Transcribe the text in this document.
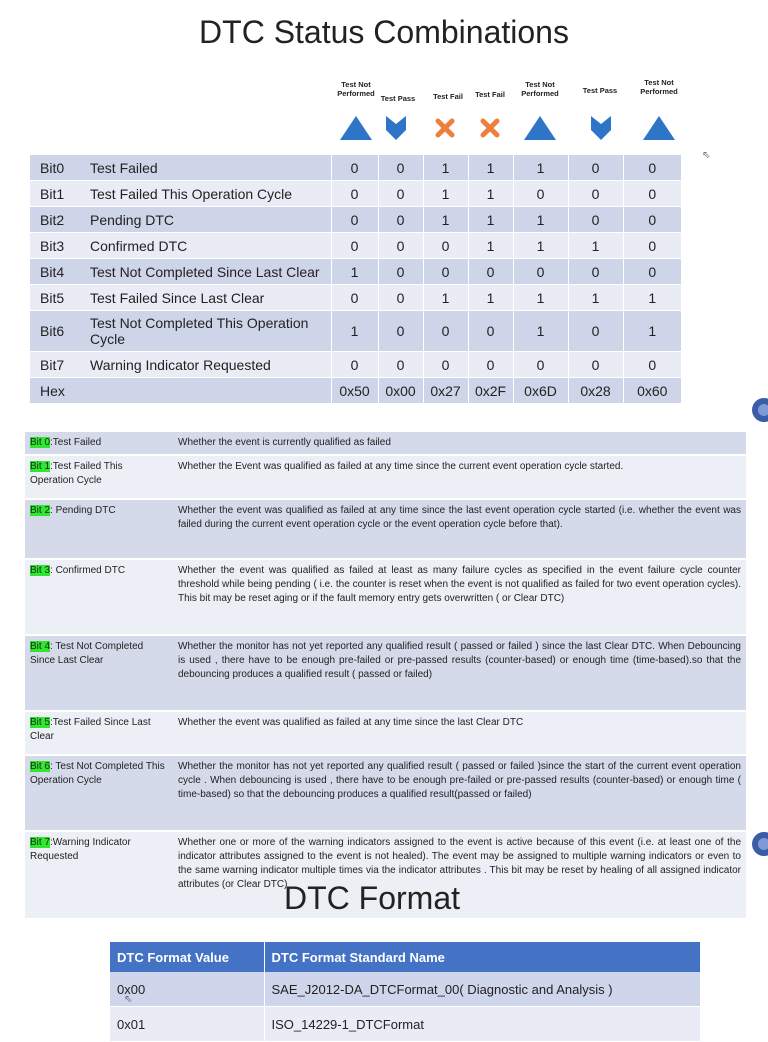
DTC Status Combinations
Test Not Performed
Test Pass	Test Fail	Test Fail
Test Not Performed	Test Pass
Test Not Performed
⇖
Bit0	Test Failed	0	0	1	1	1	0	0
Bit1	Test Failed This Operation Cycle	0	0	1	1	0	0	0
Bit2	Pending DTC	0	0	1	1	1	0	0
Bit3	Confirmed DTC	0	0	0	1	1	1	0
Bit4	Test Not Completed Since Last Clear	1	0	0	0	0	0	0
Bit5	Test Failed Since Last Clear	0	0	1	1	1	1	1
Bit6	Test Not Completed This Operation Cycle	1	0	0	0	1	0	1
Bit7	Warning Indicator Requested	0	0	0	0	0	0	0
Hex		0x50	0x00	0x27	0x2F	0x6D	0x28	0x60
Bit 0:Test Failed	Whether the event is currently qualified as failed
Bit 1:Test Failed This Operation Cycle	Whether the Event was qualified as failed at any time since the current event operation cycle started.
Bit 2: Pending DTC	Whether the event was qualified as failed at any time since the last event operation cycle started (i.e. whether the event was failed during the current event operation cycle or the event operation cycle before that).
Bit 3: Confirmed DTC	Whether the event was qualified as failed at least as many failure cycles as specified in the event failure cycle counter threshold while being pending ( i.e. the counter is reset when the event is not qualified as failed for two event operation cycles). This bit may be reset aging or if the fault memory entry gets overwritten ( or Clear DTC)
Bit 4: Test Not Completed Since Last Clear	Whether the monitor has not yet reported any qualified result ( passed or failed ) since the last Clear DTC. When Debouncing is used , there have to be enough pre-failed or pre-passed results (counter-based) or enough time (time-based).so that the debouncing produces a qualified result ( passed or failed)
Bit 5:Test Failed Since Last Clear	Whether the event was qualified as failed at any time since the last Clear DTC
Bit 6: Test Not Completed This Operation Cycle	Whether the monitor has not yet reported any qualified result ( passed or failed )since the start of the current event operation cycle . When debouncing is used , there have to be enough pre-failed or pre-passed results (counter-based) or enough time ( time-based) so that the debouncing produces a qualified result(passed or failed)
Bit 7:Warning Indicator Requested	Whether one or more of the warning indicators assigned to the event is active because of this event (i.e. at least one of the indicator attributes assigned to the event is not healed). The event may be assigned to multiple warning indicators or even to the same warning indicator multiple times via the indicator attributes . This bit may be reset by healing of all assigned indicator attributes (or Clear DTC)
DTC Format
DTC Format Value	DTC Format Standard Name
0x00	SAE_J2012-DA_DTCFormat_00( Diagnostic and Analysis )
0x01	ISO_14229-1_DTCFormat
⇖
